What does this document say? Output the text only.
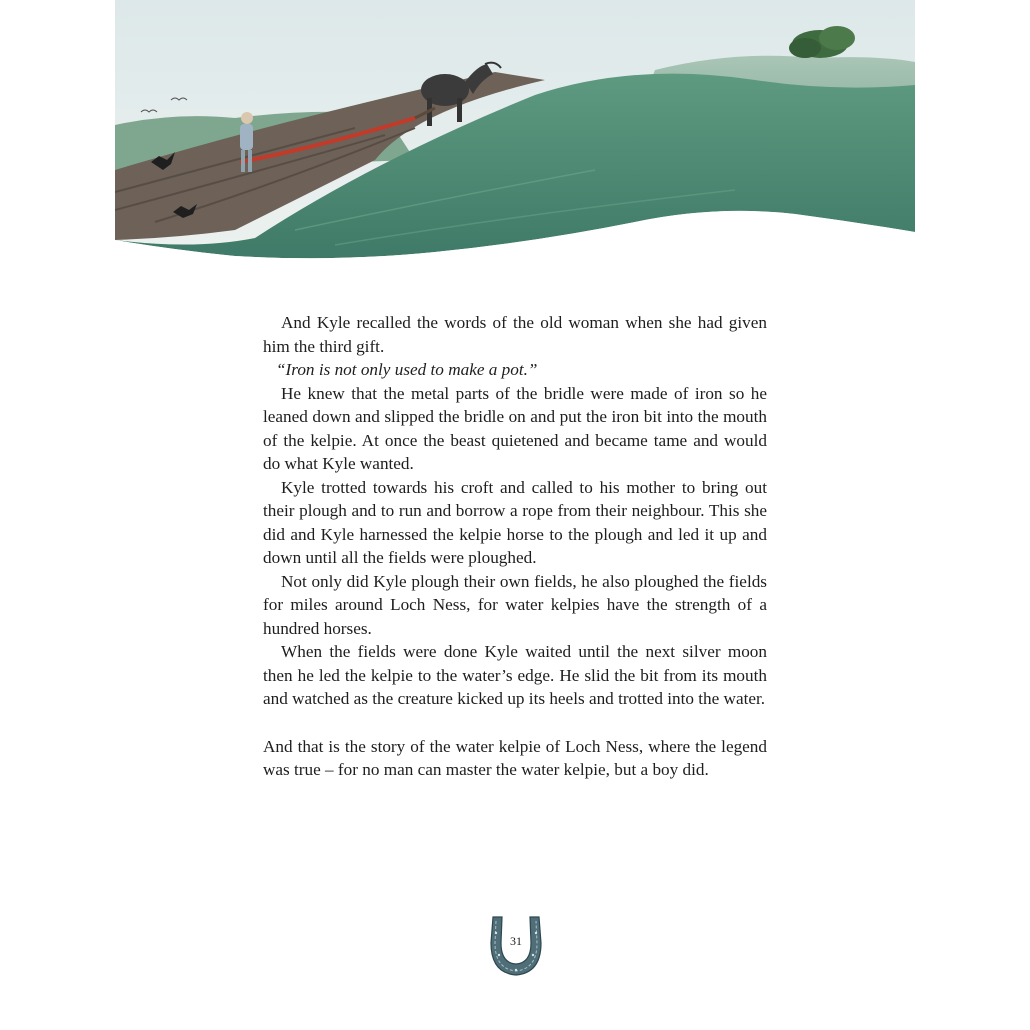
And Kyle recalled the words of the old woman when she had given him the third gift.

“Iron is not only used to make a pot.”

He knew that the metal parts of the bridle were made of iron so he leaned down and slipped the bridle on and put the iron bit into the mouth of the kelpie. At once the beast quietened and became tame and would do what Kyle wanted.

Kyle trotted towards his croft and called to his mother to bring out their plough and to run and borrow a rope from their neighbour. This she did and Kyle harnessed the kelpie horse to the plough and led it up and down until all the fields were ploughed.

Not only did Kyle plough their own fields, he also ploughed the fields for miles around Loch Ness, for water kelpies have the strength of a hundred horses.

When the fields were done Kyle waited until the next silver moon then he led the kelpie to the water’s edge. He slid the bit from its mouth and watched as the creature kicked up its heels and trotted into the water.

And that is the story of the water kelpie of Loch Ness, where the legend was true – for no man can master the water kelpie, but a boy did.

31
